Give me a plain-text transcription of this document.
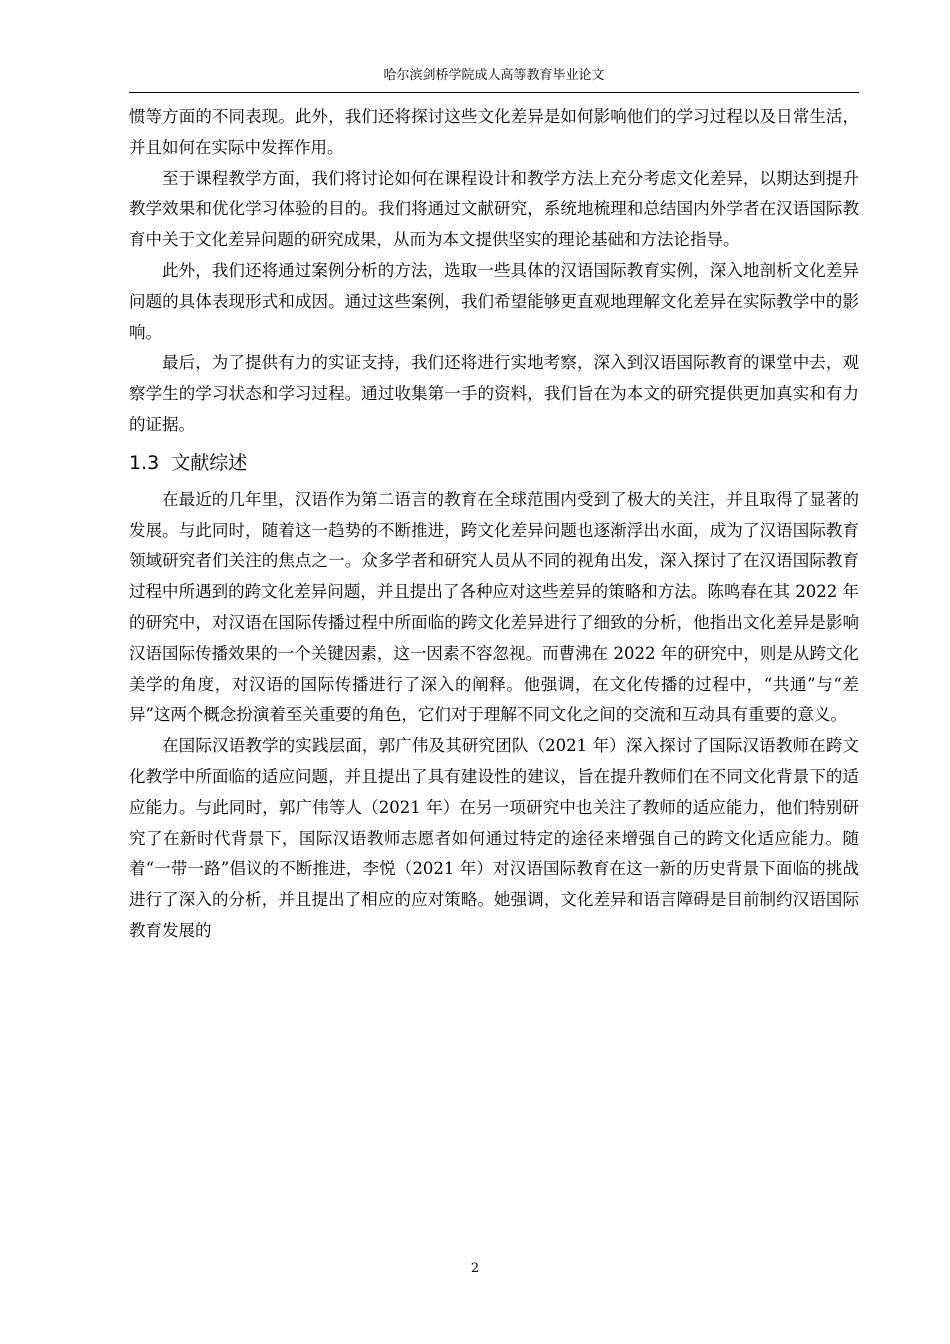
哈尔滨剑桥学院成人高等教育毕业论文

惯等方面的不同表现。此外，我们还将探讨这些文化差异是如何影响他们的学习过程以及日常生活，并且如何在实际中发挥作用。

至于课程教学方面，我们将讨论如何在课程设计和教学方法上充分考虑文化差异，以期达到提升教学效果和优化学习体验的目的。我们将通过文献研究，系统地梳理和总结国内外学者在汉语国际教育中关于文化差异问题的研究成果，从而为本文提供坚实的理论基础和方法论指导。

此外，我们还将通过案例分析的方法，选取一些具体的汉语国际教育实例，深入地剖析文化差异问题的具体表现形式和成因。通过这些案例，我们希望能够更直观地理解文化差异在实际教学中的影响。

最后，为了提供有力的实证支持，我们还将进行实地考察，深入到汉语国际教育的课堂中去，观察学生的学习状态和学习过程。通过收集第一手的资料，我们旨在为本文的研究提供更加真实和有力的证据。

1.3 文献综述

在最近的几年里，汉语作为第二语言的教育在全球范围内受到了极大的关注，并且取得了显著的发展。与此同时，随着这一趋势的不断推进，跨文化差异问题也逐渐浮出水面，成为了汉语国际教育领域研究者们关注的焦点之一。众多学者和研究人员从不同的视角出发，深入探讨了在汉语国际教育过程中所遇到的跨文化差异问题，并且提出了各种应对这些差异的策略和方法。陈鸣春在其 2022 年的研究中，对汉语在国际传播过程中所面临的跨文化差异进行了细致的分析，他指出文化差异是影响汉语国际传播效果的一个关键因素，这一因素不容忽视。而曹沸在 2022 年的研究中，则是从跨文化美学的角度，对汉语的国际传播进行了深入的阐释。他强调，在文化传播的过程中，“共通”与“差异”这两个概念扮演着至关重要的角色，它们对于理解不同文化之间的交流和互动具有重要的意义。

在国际汉语教学的实践层面，郭广伟及其研究团队（2021 年）深入探讨了国际汉语教师在跨文化教学中所面临的适应问题，并且提出了具有建设性的建议，旨在提升教师们在不同文化背景下的适应能力。与此同时，郭广伟等人（2021 年）在另一项研究中也关注了教师的适应能力，他们特别研究了在新时代背景下，国际汉语教师志愿者如何通过特定的途径来增强自己的跨文化适应能力。随着“一带一路”倡议的不断推进，李悦（2021 年）对汉语国际教育在这一新的历史背景下面临的挑战进行了深入的分析，并且提出了相应的应对策略。她强调，文化差异和语言障碍是目前制约汉语国际教育发展的

2
